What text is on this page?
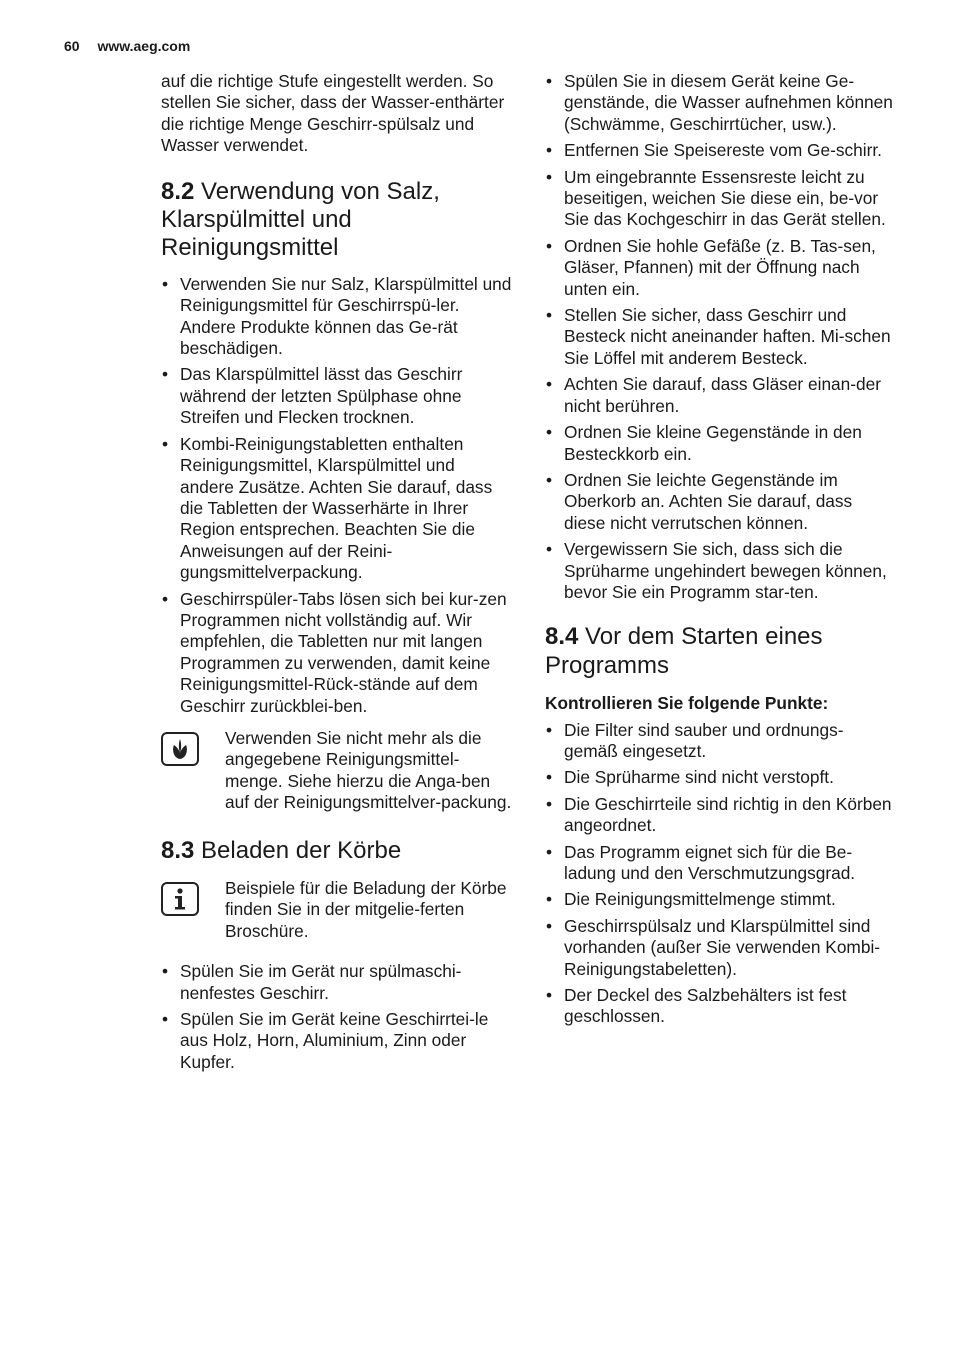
60 www.aeg.com

auf die richtige Stufe eingestellt werden. So stellen Sie sicher, dass der Wasser-enthärter die richtige Menge Geschirr-spülsalz und Wasser verwendet.

8.2 Verwendung von Salz, Klarspülmittel und Reinigungsmittel
• Verwenden Sie nur Salz, Klarspülmittel und Reinigungsmittel für Geschirrspü-ler. Andere Produkte können das Ge-rät beschädigen.
• Das Klarspülmittel lässt das Geschirr während der letzten Spülphase ohne Streifen und Flecken trocknen.
• Kombi-Reinigungstabletten enthalten Reinigungsmittel, Klarspülmittel und andere Zusätze. Achten Sie darauf, dass die Tabletten der Wasserhärte in Ihrer Region entsprechen. Beachten Sie die Anweisungen auf der Reini-gungsmittelverpackung.
• Geschirrspüler-Tabs lösen sich bei kur-zen Programmen nicht vollständig auf. Wir empfehlen, die Tabletten nur mit langen Programmen zu verwenden, damit keine Reinigungsmittel-Rück-stände auf dem Geschirr zurückblei-ben.
Verwenden Sie nicht mehr als die angegebene Reinigungsmittel-menge. Siehe hierzu die Anga-ben auf der Reinigungsmittelver-packung.
8.3 Beladen der Körbe
Beispiele für die Beladung der Körbe finden Sie in der mitgelie-ferten Broschüre.
• Spülen Sie im Gerät nur spülmaschi-nenfestes Geschirr.
• Spülen Sie im Gerät keine Geschirrtei-le aus Holz, Horn, Aluminium, Zinn oder Kupfer.
• Spülen Sie in diesem Gerät keine Ge-genstände, die Wasser aufnehmen können (Schwämme, Geschirrtücher, usw.).
• Entfernen Sie Speisereste vom Ge-schirr.
• Um eingebrannte Essensreste leicht zu beseitigen, weichen Sie diese ein, be-vor Sie das Kochgeschirr in das Gerät stellen.
• Ordnen Sie hohle Gefäße (z. B. Tas-sen, Gläser, Pfannen) mit der Öffnung nach unten ein.
• Stellen Sie sicher, dass Geschirr und Besteck nicht aneinander haften. Mi-schen Sie Löffel mit anderem Besteck.
• Achten Sie darauf, dass Gläser einan-der nicht berühren.
• Ordnen Sie kleine Gegenstände in den Besteckkorb ein.
• Ordnen Sie leichte Gegenstände im Oberkorb an. Achten Sie darauf, dass diese nicht verrutschen können.
• Vergewissern Sie sich, dass sich die Sprüharme ungehindert bewegen können, bevor Sie ein Programm star-ten.
8.4 Vor dem Starten eines Programms

Kontrollieren Sie folgende Punkte:

• Die Filter sind sauber und ordnungs-gemäß eingesetzt.
• Die Sprüharme sind nicht verstopft.
• Die Geschirrteile sind richtig in den Körben angeordnet.
• Das Programm eignet sich für die Be-ladung und den Verschmutzungsgrad.
• Die Reinigungsmittelmenge stimmt.
• Geschirrspülsalz und Klarspülmittel sind vorhanden (außer Sie verwenden Kombi-Reinigungstabeletten).
• Der Deckel des Salzbehälters ist fest geschlossen.
